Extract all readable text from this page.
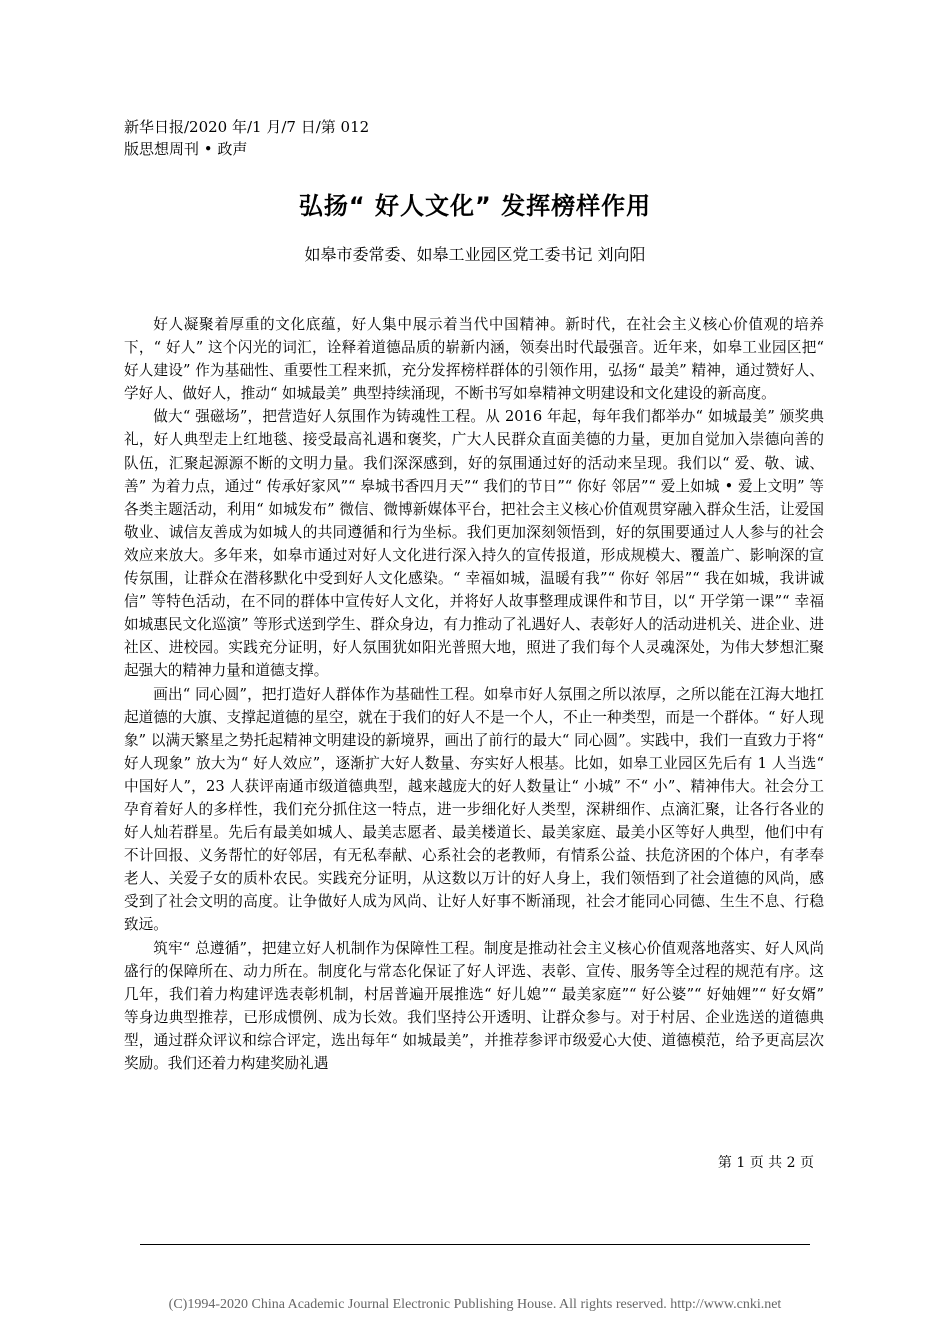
新华日报/2020 年/1 月/7 日/第 012
版思想周刊 • 政声
弘扬“ 好人文化” 发挥榜样作用
如皋市委常委、如皋工业园区党工委书记 刘向阳

好人凝聚着厚重的文化底蕴，好人集中展示着当代中国精神。新时代，在社会主义核心价值观的培养下，“ 好人” 这个闪光的词汇，诠释着道德品质的崭新内涵，领奏出时代最强音。近年来，如皋工业园区把“ 好人建设” 作为基础性、重要性工程来抓，充分发挥榜样群体的引领作用，弘扬“ 最美” 精神，通过赞好人、学好人、做好人，推动“ 如城最美” 典型持续涌现，不断书写如皋精神文明建设和文化建设的新高度。

做大“ 强磁场”，把营造好人氛围作为铸魂性工程。从 2016 年起，每年我们都举办“ 如城最美” 颁奖典礼，好人典型走上红地毯、接受最高礼遇和褒奖，广大人民群众直面美德的力量，更加自觉加入崇德向善的队伍，汇聚起源源不断的文明力量。我们深深感到，好的氛围通过好的活动来呈现。我们以“ 爱、敬、诚、善” 为着力点，通过“ 传承好家风”“ 皋城书香四月天”“ 我们的节日”“ 你好 邻居”“ 爱上如城 • 爱上文明” 等各类主题活动，利用“ 如城发布” 微信、微博新媒体平台，把社会主义核心价值观贯穿融入群众生活，让爱国敬业、诚信友善成为如城人的共同遵循和行为坐标。我们更加深刻领悟到，好的氛围要通过人人参与的社会效应来放大。多年来，如皋市通过对好人文化进行深入持久的宣传报道，形成规模大、覆盖广、影响深的宣传氛围，让群众在潜移默化中受到好人文化感染。“ 幸福如城，温暖有我”“ 你好 邻居”“ 我在如城，我讲诚信” 等特色活动，在不同的群体中宣传好人文化，并将好人故事整理成课件和节目，以“ 开学第一课”“ 幸福如城惠民文化巡演” 等形式送到学生、群众身边，有力推动了礼遇好人、表彰好人的活动进机关、进企业、进社区、进校园。实践充分证明，好人氛围犹如阳光普照大地，照进了我们每个人灵魂深处，为伟大梦想汇聚起强大的精神力量和道德支撑。

画出“ 同心圆”，把打造好人群体作为基础性工程。如皋市好人氛围之所以浓厚，之所以能在江海大地扛起道德的大旗、支撑起道德的星空，就在于我们的好人不是一个人，不止一种类型，而是一个群体。“ 好人现象” 以满天繁星之势托起精神文明建设的新境界，画出了前行的最大“ 同心圆”。实践中，我们一直致力于将“ 好人现象” 放大为“ 好人效应”，逐渐扩大好人数量、夯实好人根基。比如，如皋工业园区先后有 1 人当选“ 中国好人”，23 人获评南通市级道德典型，越来越庞大的好人数量让“ 小城” 不“ 小”、精神伟大。社会分工孕育着好人的多样性，我们充分抓住这一特点，进一步细化好人类型，深耕细作、点滴汇聚，让各行各业的好人灿若群星。先后有最美如城人、最美志愿者、最美楼道长、最美家庭、最美小区等好人典型，他们中有不计回报、义务帮忙的好邻居，有无私奉献、心系社会的老教师，有情系公益、扶危济困的个体户，有孝奉老人、关爱子女的质朴农民。实践充分证明，从这数以万计的好人身上，我们领悟到了社会道德的风尚，感受到了社会文明的高度。让争做好人成为风尚、让好人好事不断涌现，社会才能同心同德、生生不息、行稳致远。

筑牢“ 总遵循”，把建立好人机制作为保障性工程。制度是推动社会主义核心价值观落地落实、好人风尚盛行的保障所在、动力所在。制度化与常态化保证了好人评选、表彰、宣传、服务等全过程的规范有序。这几年，我们着力构建评选表彰机制，村居普遍开展推选“ 好儿媳”“ 最美家庭”“ 好公婆”“ 好妯娌”“ 好女婿” 等身边典型推荐，已形成惯例、成为长效。我们坚持公开透明、让群众参与。对于村居、企业选送的道德典型，通过群众评议和综合评定，选出每年“ 如城最美”，并推荐参评市级爱心大使、道德模范，给予更高层次奖励。我们还着力构建奖励礼遇

第 1 页 共 2 页
(C)1994-2020 China Academic Journal Electronic Publishing House. All rights reserved. http://www.cnki.net
